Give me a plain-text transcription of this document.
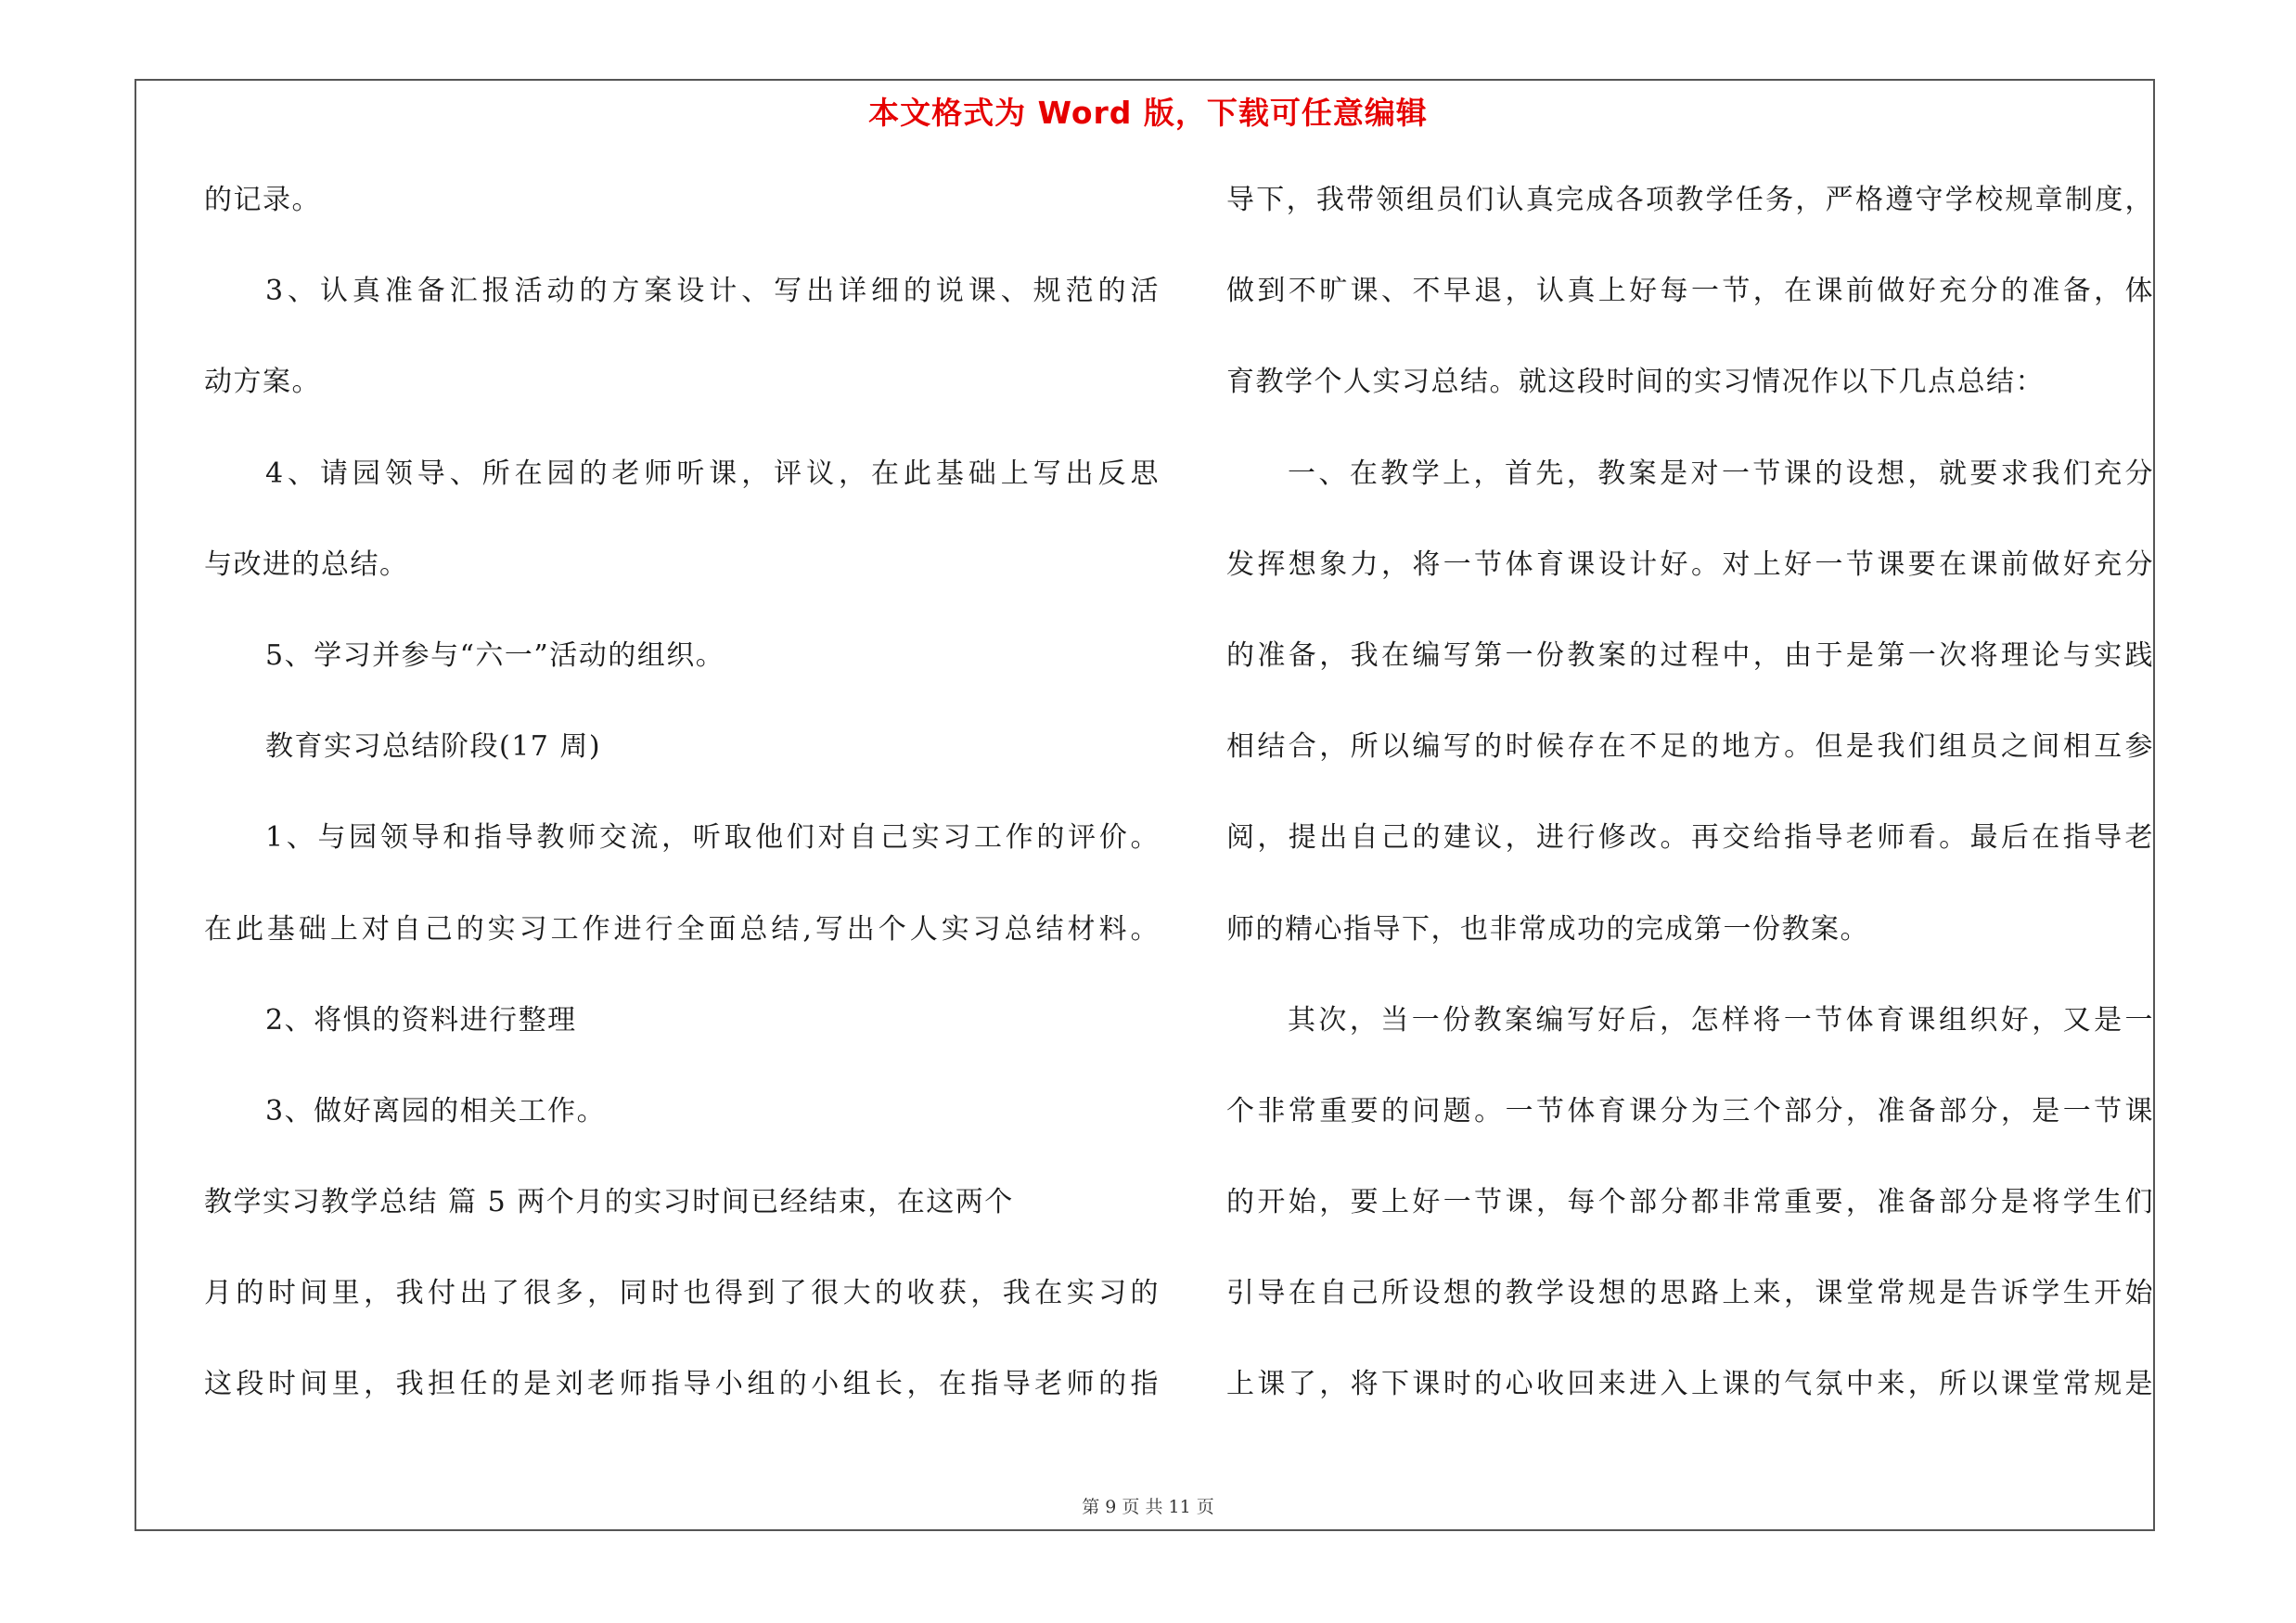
本文格式为 Word 版，下载可任意编辑
的记录。
3、认真准备汇报活动的方案设计、写出详细的说课、规范的活
动方案。
4、请园领导、所在园的老师听课，评议，在此基础上写出反思
与改进的总结。
5、学习并参与“六一”活动的组织。
教育实习总结阶段(17 周)
1、与园领导和指导教师交流，听取他们对自己实习工作的评价。
在此基础上对自己的实习工作进行全面总结,写出个人实习总结材料。
2、将惧的资料进行整理
3、做好离园的相关工作。
教学实习教学总结 篇 5 两个月的实习时间已经结束，在这两个
月的时间里，我付出了很多，同时也得到了很大的收获，我在实习的
这段时间里，我担任的是刘老师指导小组的小组长，在指导老师的指
导下，我带领组员们认真完成各项教学任务，严格遵守学校规章制度，
做到不旷课、不早退，认真上好每一节，在课前做好充分的准备，体
育教学个人实习总结。就这段时间的实习情况作以下几点总结：
一、在教学上，首先，教案是对一节课的设想，就要求我们充分
发挥想象力，将一节体育课设计好。对上好一节课要在课前做好充分
的准备，我在编写第一份教案的过程中，由于是第一次将理论与实践
相结合，所以编写的时候存在不足的地方。但是我们组员之间相互参
阅，提出自己的建议，进行修改。再交给指导老师看。最后在指导老
师的精心指导下，也非常成功的完成第一份教案。
其次，当一份教案编写好后，怎样将一节体育课组织好，又是一
个非常重要的问题。一节体育课分为三个部分，准备部分，是一节课
的开始，要上好一节课，每个部分都非常重要，准备部分是将学生们
引导在自己所设想的教学设想的思路上来，课堂常规是告诉学生开始
上课了，将下课时的心收回来进入上课的气氛中来，所以课堂常规是
第 9 页 共 11 页
